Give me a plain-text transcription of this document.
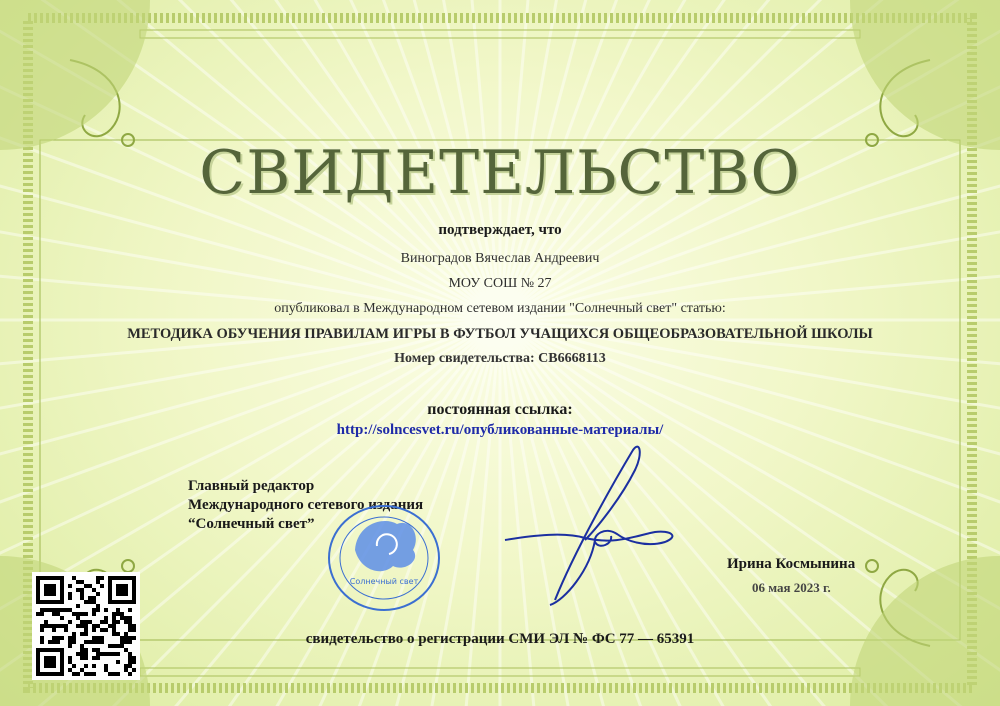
СВИДЕТЕЛЬСТВО
подтверждает, что
Виноградов Вячеслав Андреевич
МОУ СОШ № 27
опубликовал в Международном сетевом издании "Солнечный свет" статью:
МЕТОДИКА ОБУЧЕНИЯ ПРАВИЛАМ ИГРЫ В ФУТБОЛ УЧАЩИХСЯ ОБЩЕОБРАЗОВАТЕЛЬНОЙ ШКОЛЫ
Номер свидетельства: СВ6668113
постоянная ссылка:
http://solncesvet.ru/опубликованные-материалы/
Главный редактор
Международного сетевого издания
“Солнечный свет”
Солнечный свет
Ирина Космынина
06 мая 2023 г.
свидетельство о регистрации СМИ ЭЛ № ФС 77 — 65391
